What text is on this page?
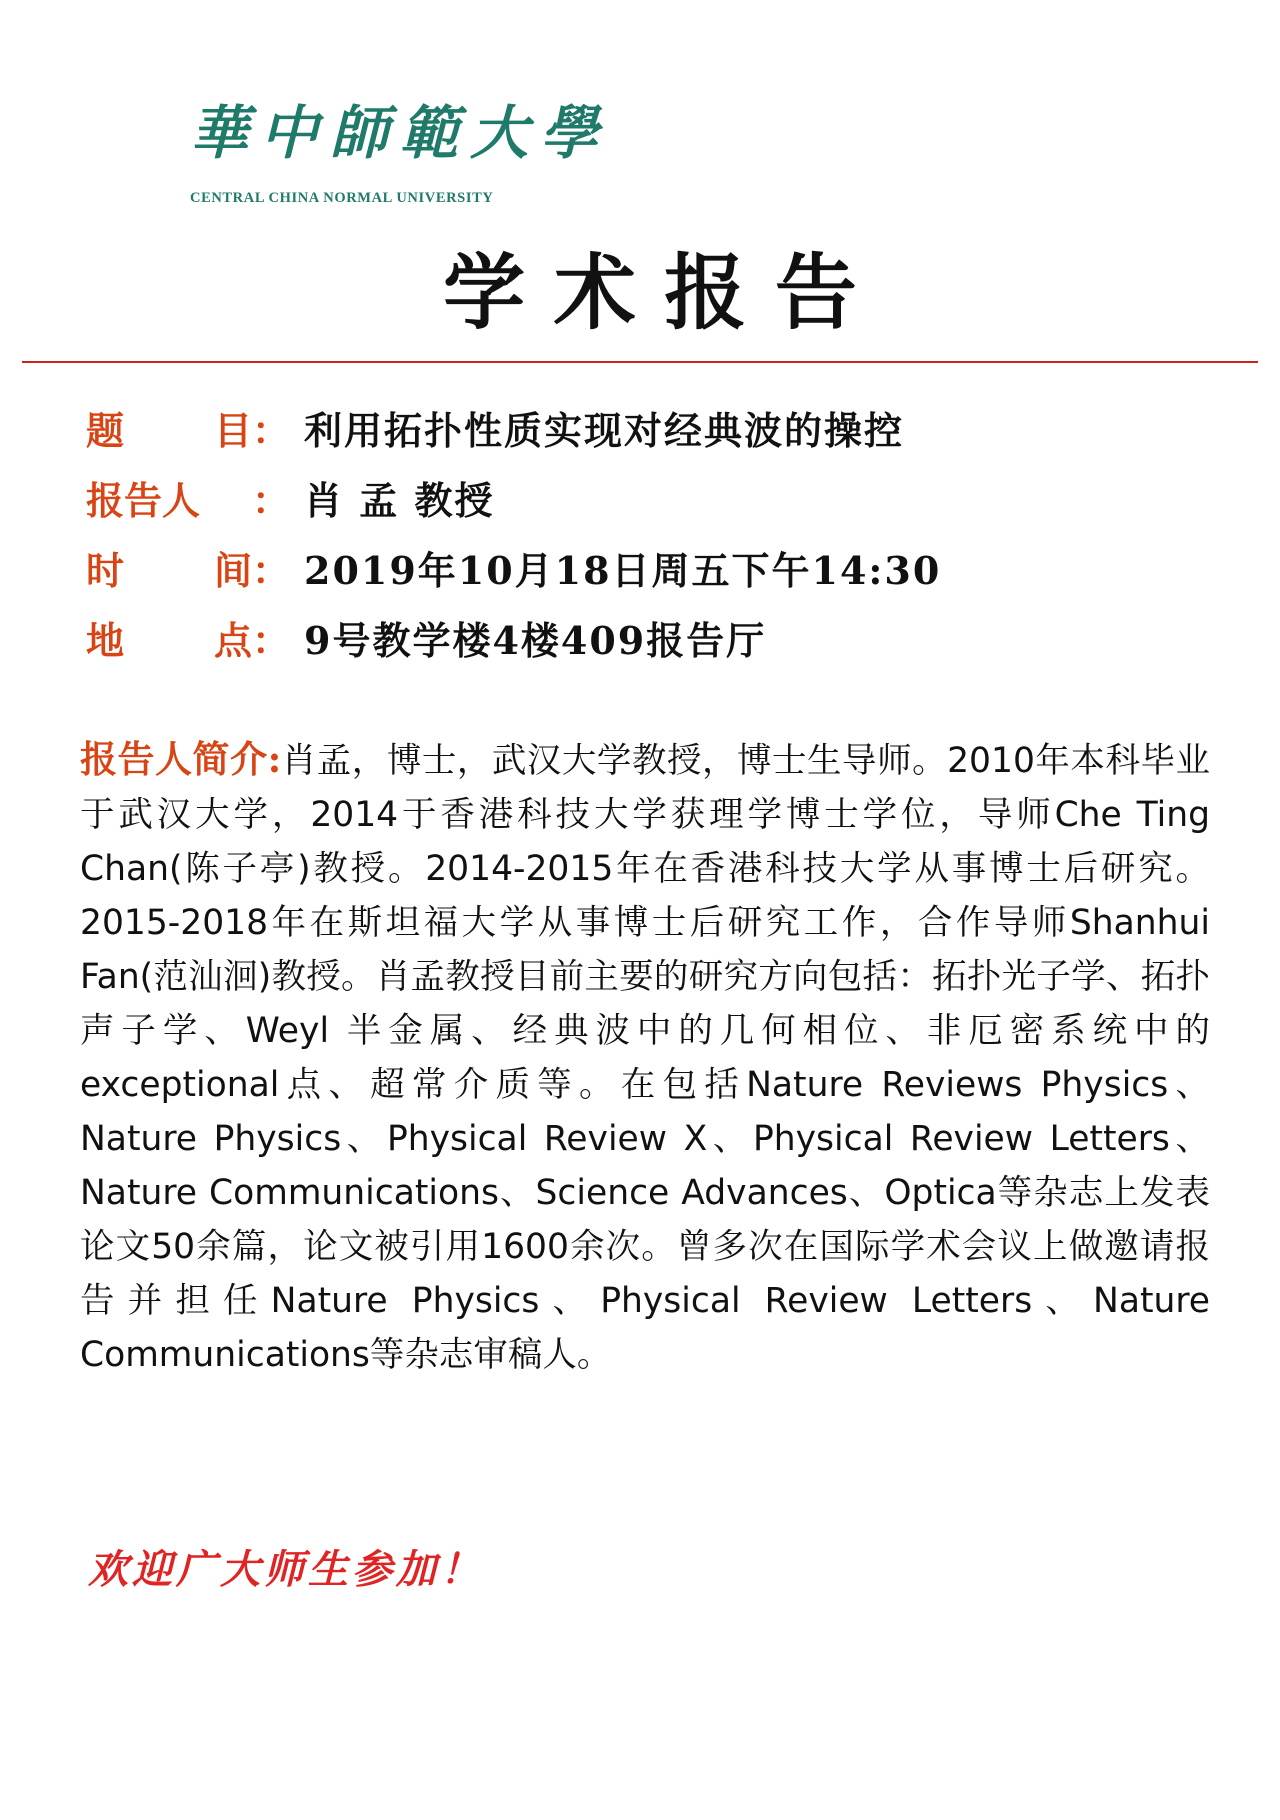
華中師範大學
CENTRAL CHINA NORMAL UNIVERSITY
学 术 报 告
题 目： 利用拓扑性质实现对经典波的操控
报告人 ： 肖 孟 教授
时 间： 2019年10月18日周五下午14:30
地 点： 9号教学楼4楼409报告厅
报告人简介:肖孟，博士，武汉大学教授，博士生导师。2010年本科毕业于武汉大学，2014于香港科技大学获理学博士学位，导师Che Ting Chan(陈子亭)教授。2014-2015年在香港科技大学从事博士后研究。2015-2018年在斯坦福大学从事博士后研究工作，合作导师Shanhui Fan(范汕洄)教授。肖孟教授目前主要的研究方向包括：拓扑光子学、拓扑声子学、Weyl 半金属、经典波中的几何相位、非厄密系统中的exceptional点、超常介质等。在包括Nature Reviews Physics、Nature Physics、Physical Review X、Physical Review Letters、Nature Communications、Science Advances、Optica等杂志上发表论文50余篇，论文被引用1600余次。曾多次在国际学术会议上做邀请报告并担任Nature Physics、Physical Review Letters、Nature Communications等杂志审稿人。
欢迎广大师生参加！
